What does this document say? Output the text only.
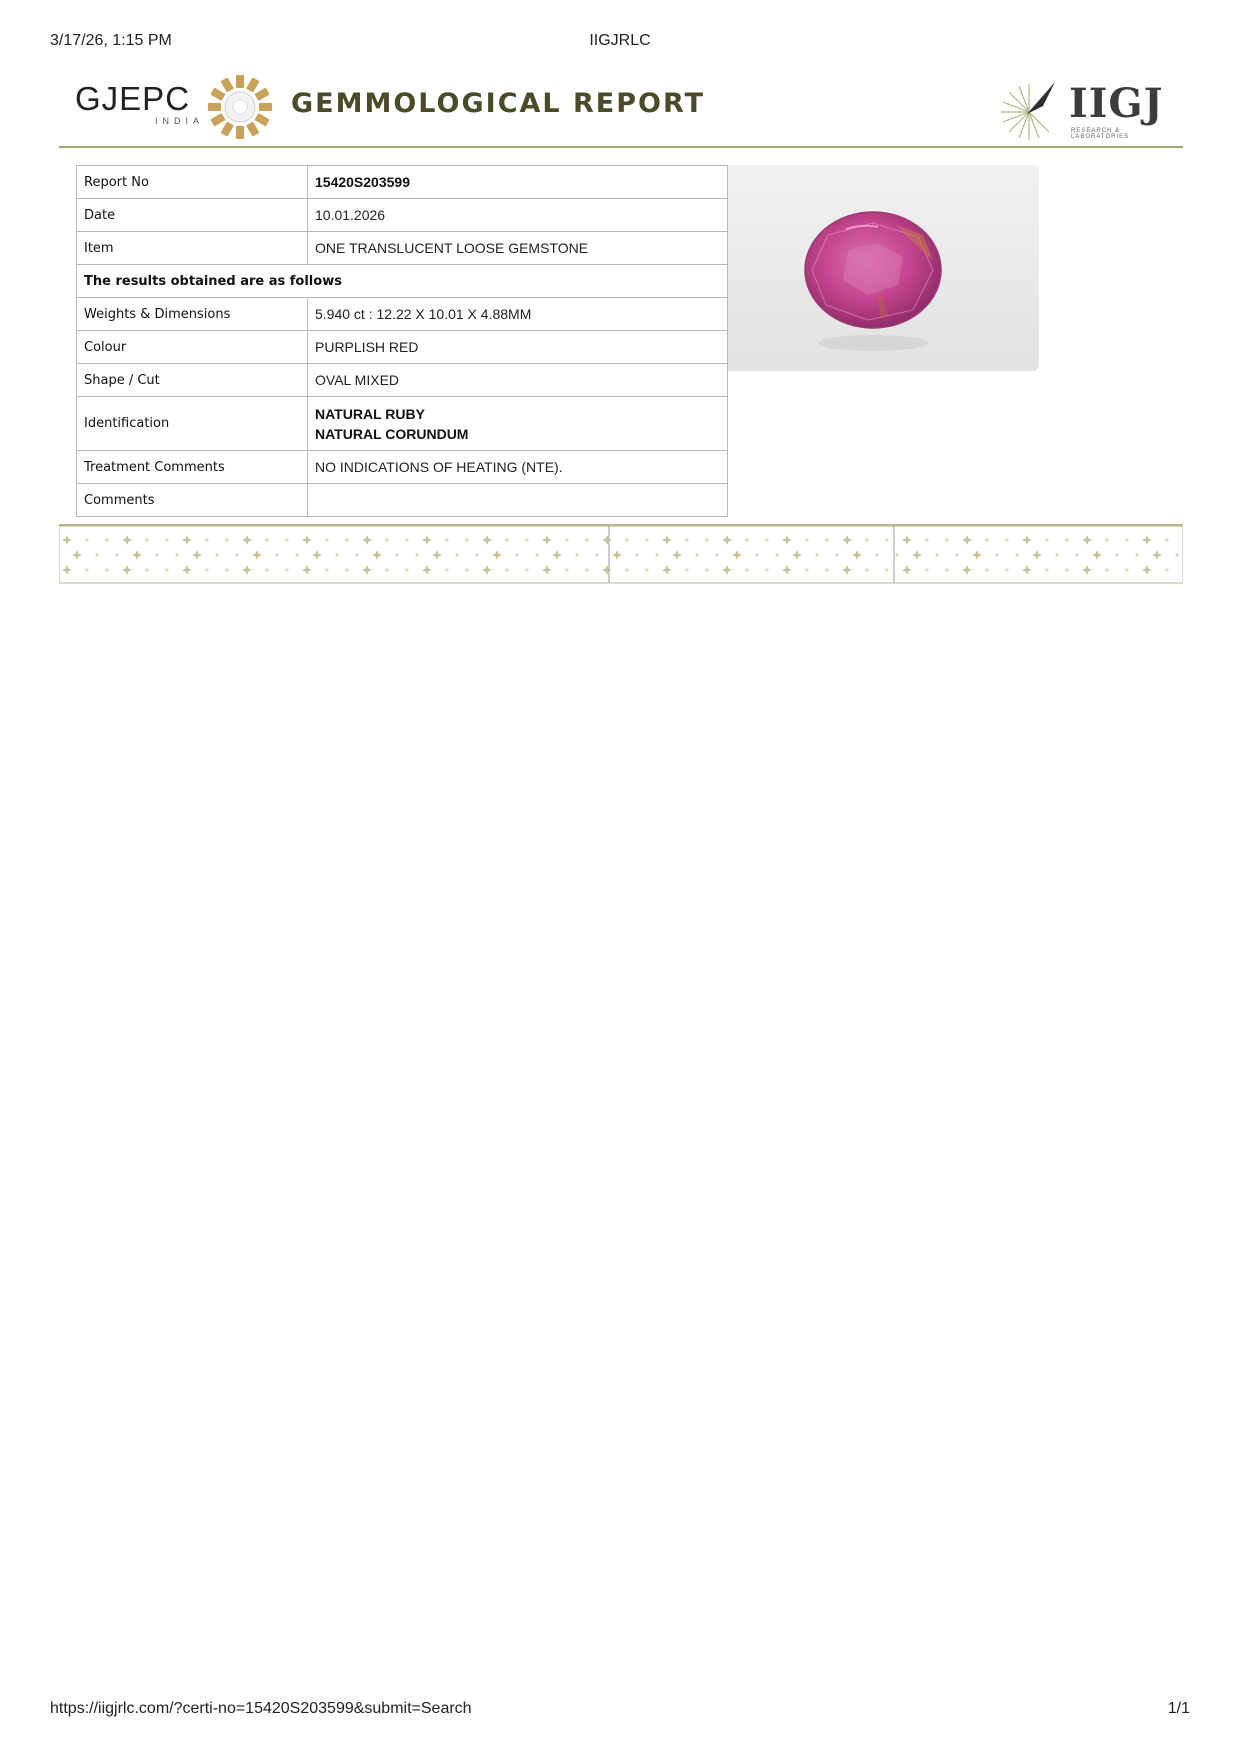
3/17/26, 1:15 PM	IIGJRLC
GJEPC
INDIA
GEMMOLOGICAL REPORT	IIGJ
RESEARCH & LABORATORIES
Report No	15420S203599
Date	10.01.2026
Item	ONE TRANSLUCENT LOOSE GEMSTONE
The results obtained are as follows	
Weights & Dimensions	5.940 ct : 12.22 X 10.01 X 4.88MM
Colour	PURPLISH RED
Shape / Cut	OVAL MIXED
Identification	NATURAL RUBY
NATURAL CORUNDUM

Treatment Comments	NO INDICATIONS OF HEATING (NTE).
Comments	
https://iigjrlc.com/?certi-no=15420S203599&submit=Search	1/1
